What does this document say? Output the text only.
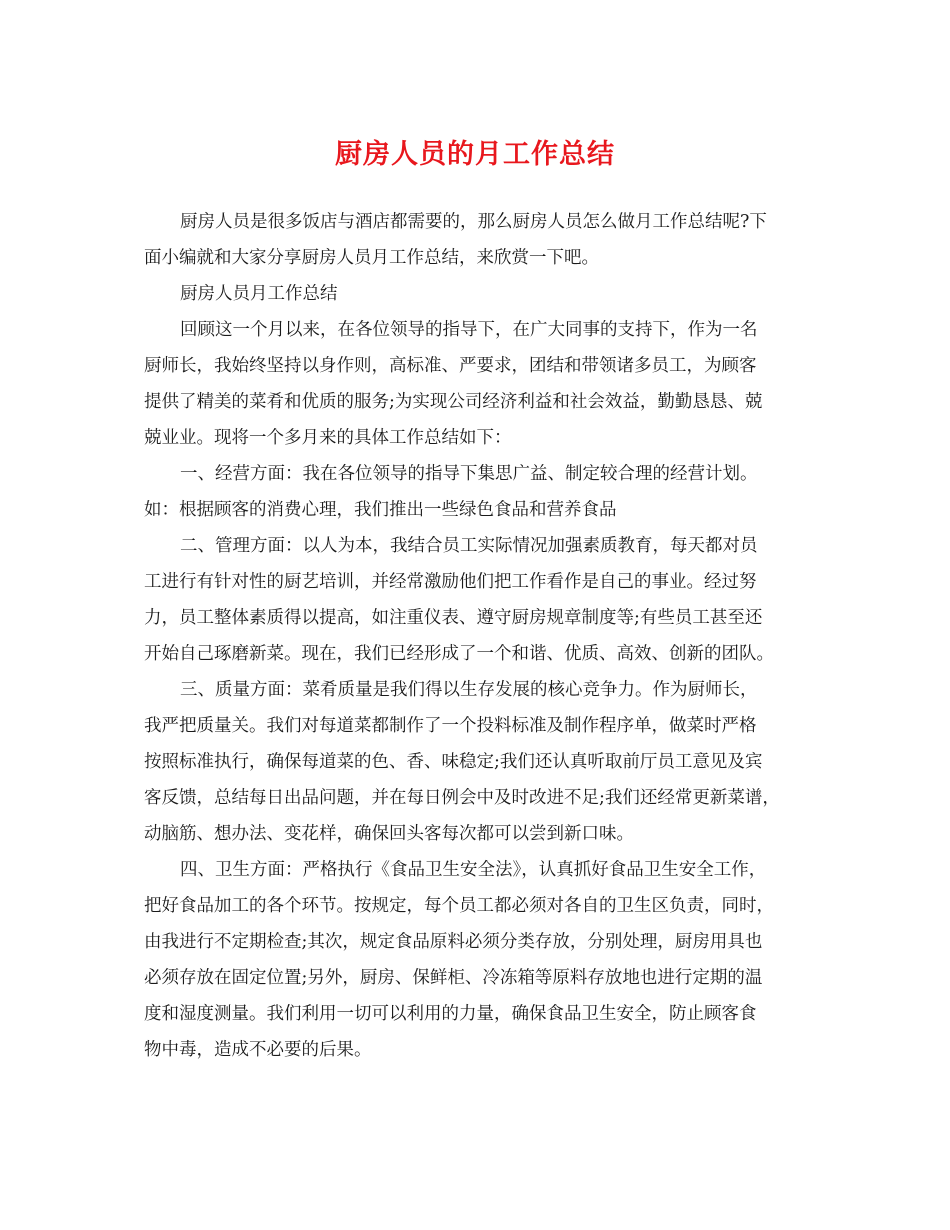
厨房人员的月工作总结
厨房人员是很多饭店与酒店都需要的，那么厨房人员怎么做月工作总结呢?下
面小编就和大家分享厨房人员月工作总结，来欣赏一下吧。
厨房人员月工作总结
回顾这一个月以来，在各位领导的指导下，在广大同事的支持下，作为一名
厨师长，我始终坚持以身作则，高标准、严要求，团结和带领诸多员工，为顾客
提供了精美的菜肴和优质的服务;为实现公司经济利益和社会效益，勤勤恳恳、兢
兢业业。现将一个多月来的具体工作总结如下：
一、经营方面：我在各位领导的指导下集思广益、制定较合理的经营计划。
如：根据顾客的消费心理，我们推出一些绿色食品和营养食品
二、管理方面：以人为本，我结合员工实际情况加强素质教育，每天都对员
工进行有针对性的厨艺培训，并经常激励他们把工作看作是自己的事业。经过努
力，员工整体素质得以提高，如注重仪表、遵守厨房规章制度等;有些员工甚至还
开始自己琢磨新菜。现在，我们已经形成了一个和谐、优质、高效、创新的团队。
三、质量方面：菜肴质量是我们得以生存发展的核心竞争力。作为厨师长，
我严把质量关。我们对每道菜都制作了一个投料标准及制作程序单，做菜时严格
按照标准执行，确保每道菜的色、香、味稳定;我们还认真听取前厅员工意见及宾
客反馈，总结每日出品问题，并在每日例会中及时改进不足;我们还经常更新菜谱，
动脑筋、想办法、变花样，确保回头客每次都可以尝到新口味。
四、卫生方面：严格执行《食品卫生安全法》，认真抓好食品卫生安全工作，
把好食品加工的各个环节。按规定，每个员工都必须对各自的卫生区负责，同时，
由我进行不定期检查;其次，规定食品原料必须分类存放，分别处理，厨房用具也
必须存放在固定位置;另外，厨房、保鲜柜、冷冻箱等原料存放地也进行定期的温
度和湿度测量。我们利用一切可以利用的力量，确保食品卫生安全，防止顾客食
物中毒，造成不必要的后果。
